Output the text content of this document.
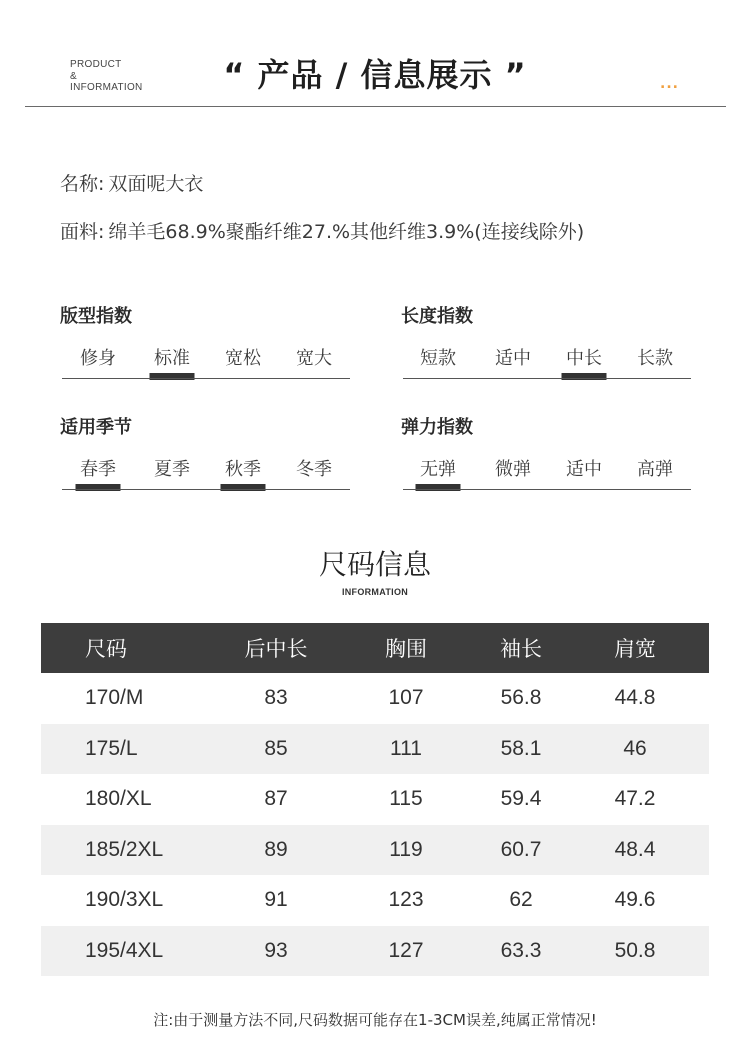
PRODUCT
&
INFORMATION	“ 产品 / 信息展示 ”	...
名称: 双面呢大衣
面料: 绵羊毛68.9%聚酯纤维27.%其他纤维3.9%(连接线除外)
版型指数
修身 标准 宽松 宽大
长度指数
短款 适中 中长 长款
适用季节
春季 夏季 秋季 冬季
弹力指数
无弹 微弹 适中 高弹
尺码信息
INFORMATION
尺码	后中长	胸围	袖长	肩宽
170/M	83	107	56.8	44.8
175/L	85	111	58.1	46
180/XL	87	115	59.4	47.2
185/2XL	89	119	60.7	48.4
190/3XL	91	123	62	49.6
195/4XL	93	127	63.3	50.8
注:由于测量方法不同,尺码数据可能存在1-3CM误差,纯属正常情况!
